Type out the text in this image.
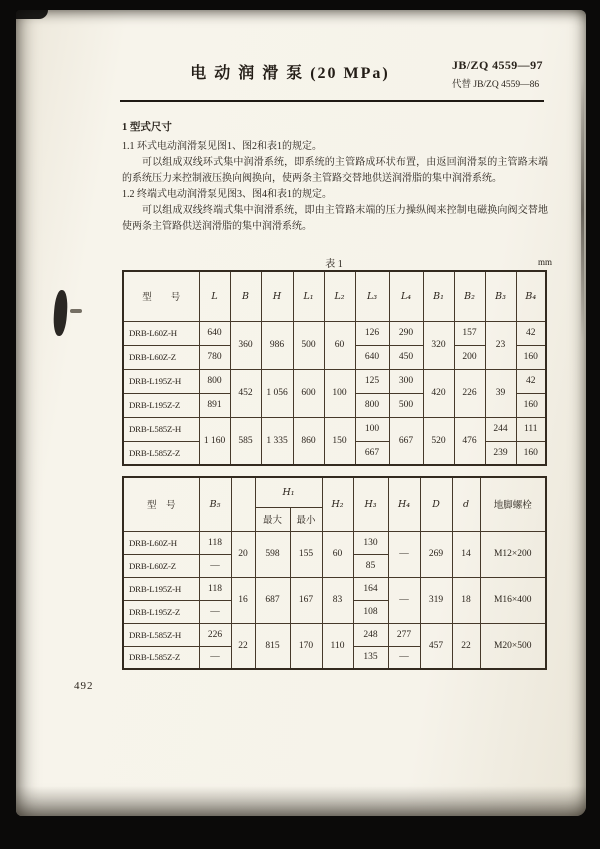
电 动 润 滑 泵 (20 MPa)	JB/ZQ 4559—97
代替 JB/ZQ 4559—86
1 型式尺寸
1.1 环式电动润滑泵见图1、图2和表1的规定。

可以组成双线环式集中润滑系统，即系统的主管路成环状布置，由返回润滑泵的主管路末端的系统压力来控制液压换向阀换向，使两条主管路交替地供送润滑脂的集中润滑系统。

1.2 终端式电动润滑泵见图3、图4和表1的规定。

可以组成双线终端式集中润滑系统，即由主管路末端的压力操纵阀来控制电磁换向阀交替地使两条主管路供送润滑脂的集中润滑系统。

表 1	mm
型　　号	L	B	H	L₁	L₂	L₃	L₄	B₁	B₂	B₃	B₄
DRB-L60Z-H	640	360	986	500	60	126	290	320	157	23	42
DRB-L60Z-Z	780					640	450		200		160
DRB-L195Z-H	800	452	1 056	600	100	125	300	420	226	39	42
DRB-L195Z-Z	891					800	500				160
DRB-L585Z-H	1 160	585	1 335	860	150	100	667	520	476	244	111
DRB-L585Z-Z						667				239	160
型　号	B₅		H₁		H₂	H₃	H₄	D	d	地脚螺栓
			最大	最小						
DRB-L60Z-H	118	20	598	155	60	130	—	269	14	M12×200
DRB-L60Z-Z	—					85				
DRB-L195Z-H	118	16	687	167	83	164	—	319	18	M16×400
DRB-L195Z-Z	—					108				
DRB-L585Z-H	226	22	815	170	110	248	277	457	22	M20×500
DRB-L585Z-Z	—					135	—			
492
